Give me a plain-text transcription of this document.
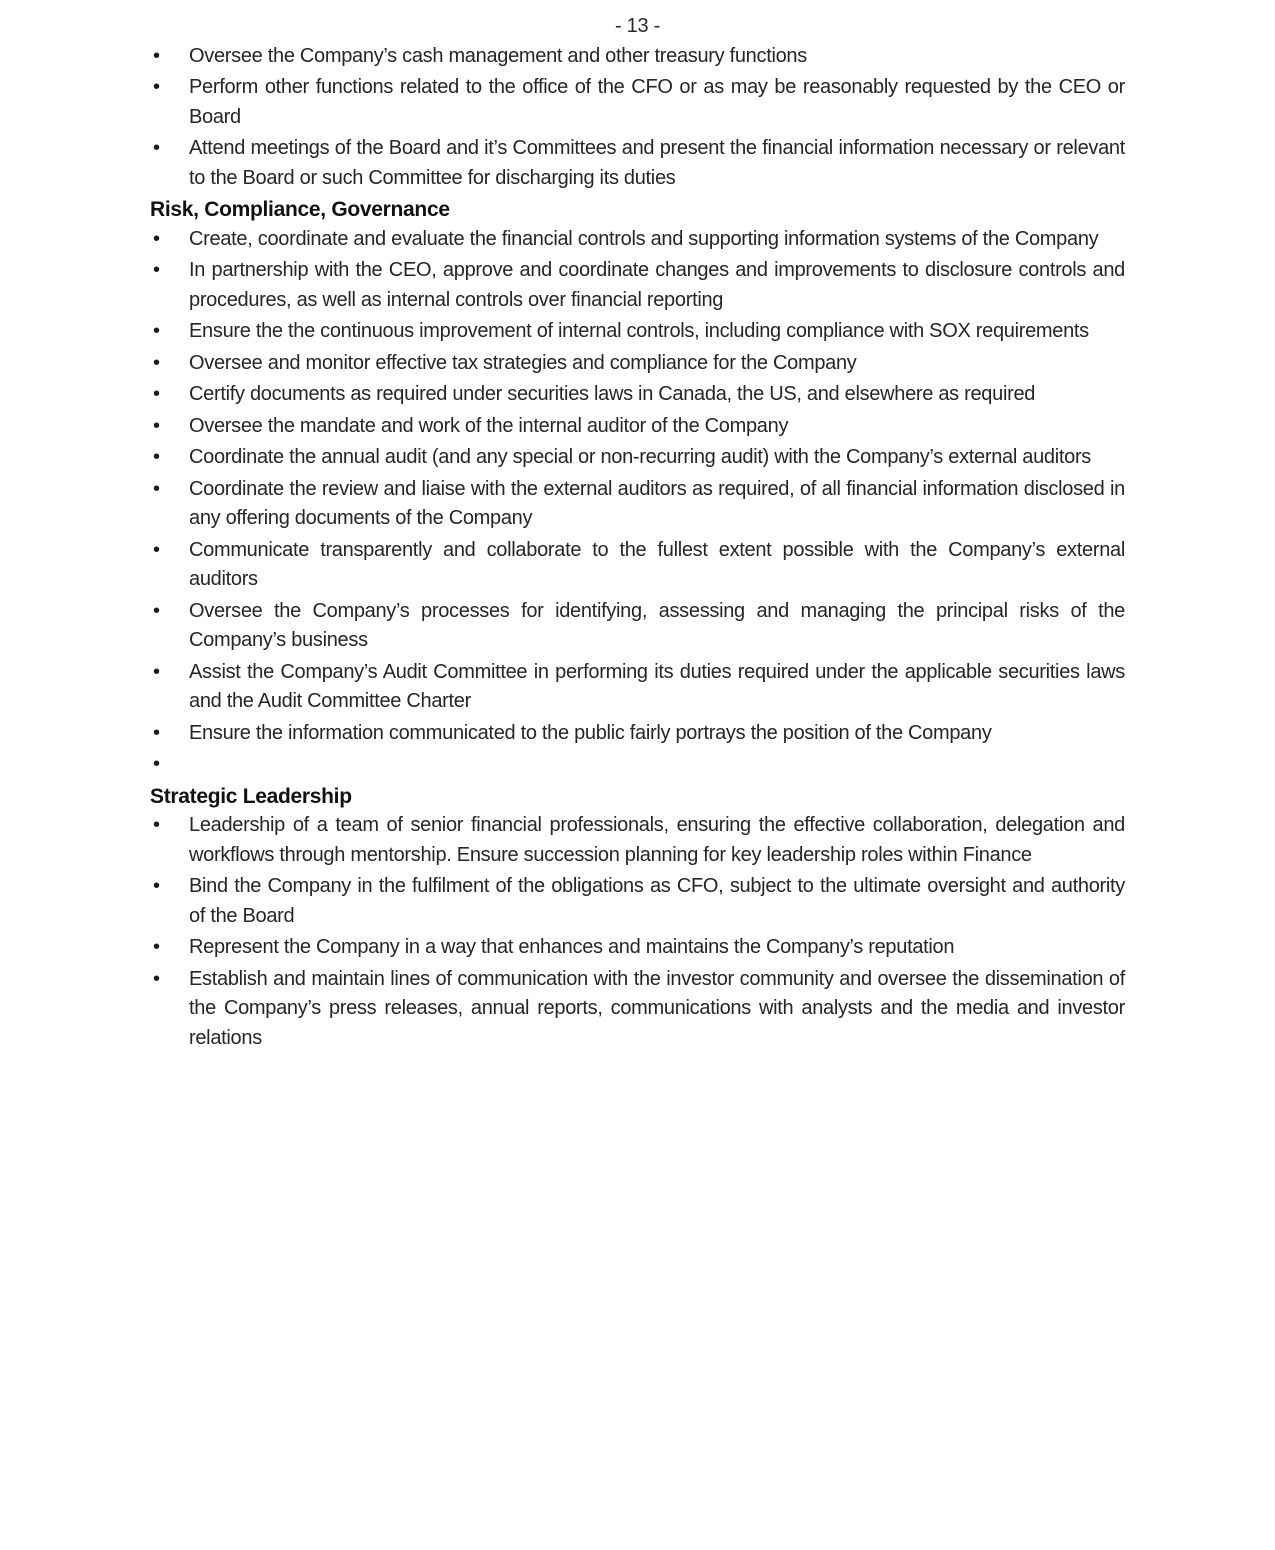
- 13 -
• Oversee the Company’s cash management and other treasury functions
• Perform other functions related to the office of the CFO or as may be reasonably requested by the CEO or Board
• Attend meetings of the Board and it’s Committees and present the financial information necessary or relevant to the Board or such Committee for discharging its duties
Risk, Compliance, Governance
• Create, coordinate and evaluate the financial controls and supporting information systems of the Company
• In partnership with the CEO, approve and coordinate changes and improvements to disclosure controls and procedures, as well as internal controls over financial reporting
• Ensure the the continuous improvement of internal controls, including compliance with SOX requirements
• Oversee and monitor effective tax strategies and compliance for the Company
• Certify documents as required under securities laws in Canada, the US, and elsewhere as required
• Oversee the mandate and work of the internal auditor of the Company
• Coordinate the annual audit (and any special or non-recurring audit) with the Company’s external auditors
• Coordinate the review and liaise with the external auditors as required, of all financial information disclosed in any offering documents of the Company
• Communicate transparently and collaborate to the fullest extent possible with the Company’s external auditors
• Oversee the Company’s processes for identifying, assessing and managing the principal risks of the Company’s business
• Assist the Company’s Audit Committee in performing its duties required under the applicable securities laws and the Audit Committee Charter
• Ensure the information communicated to the public fairly portrays the position of the Company
•
Strategic Leadership
• Leadership of a team of senior financial professionals, ensuring the effective collaboration, delegation and workflows through mentorship. Ensure succession planning for key leadership roles within Finance
• Bind the Company in the fulfilment of the obligations as CFO, subject to the ultimate oversight and authority of the Board
• Represent the Company in a way that enhances and maintains the Company’s reputation
• Establish and maintain lines of communication with the investor community and oversee the dissemination of the Company’s press releases, annual reports, communications with analysts and the media and investor relations
